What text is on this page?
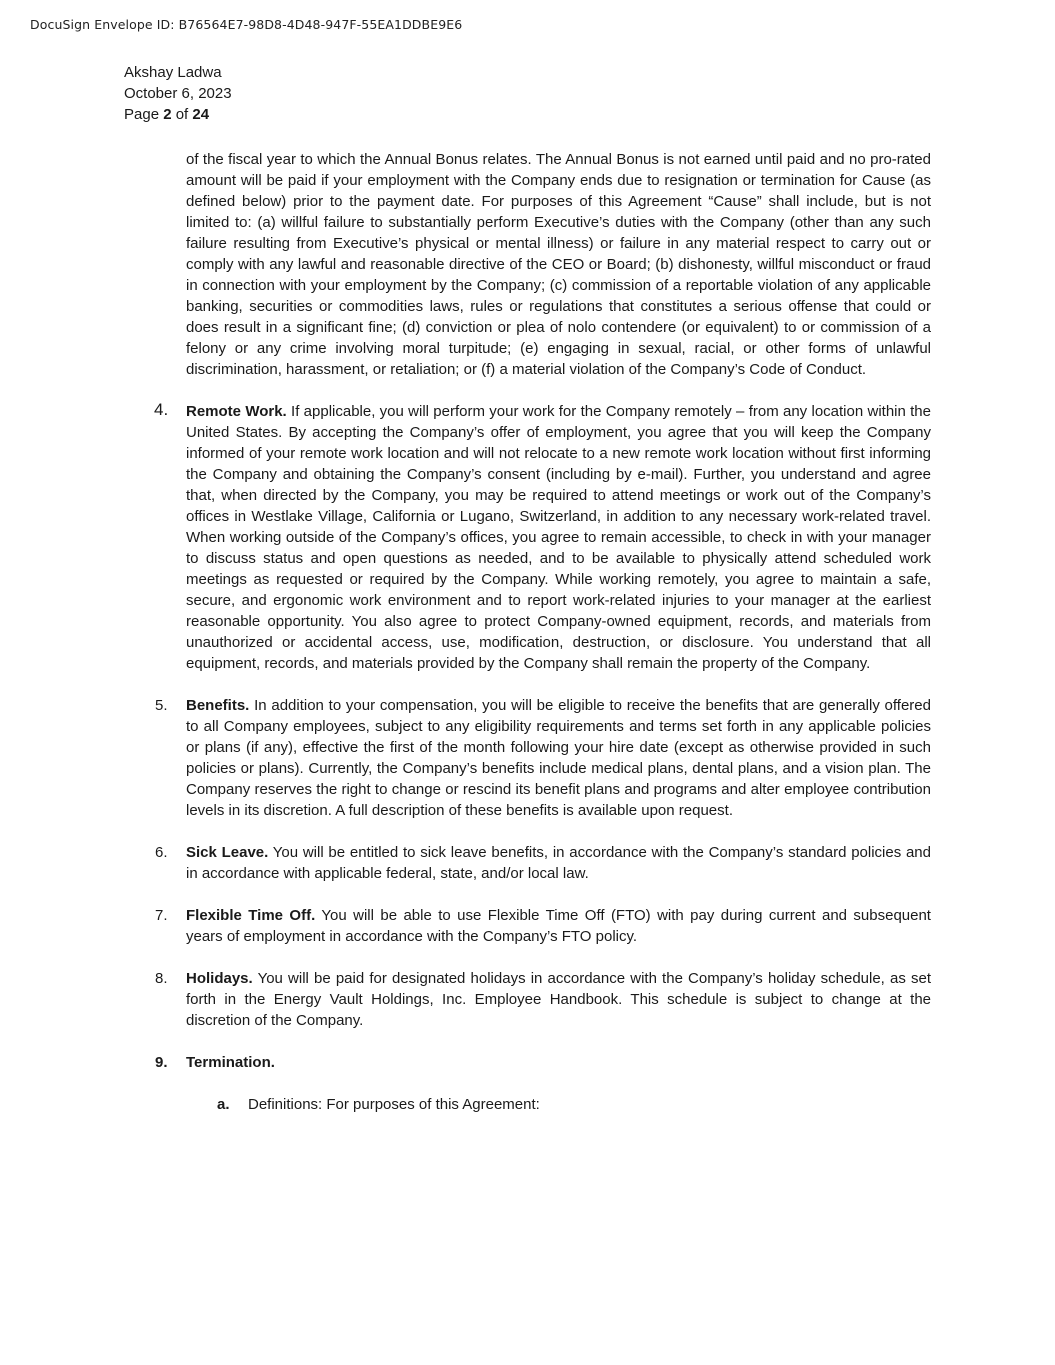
DocuSign Envelope ID: B76564E7-98D8-4D48-947F-55EA1DDBE9E6
Akshay Ladwa
October 6, 2023
Page 2 of 24

of the fiscal year to which the Annual Bonus relates. The Annual Bonus is not earned until paid and no pro-rated amount will be paid if your employment with the Company ends due to resignation or termination for Cause (as defined below) prior to the payment date. For purposes of this Agreement “Cause” shall include, but is not limited to: (a) willful failure to substantially perform Executive’s duties with the Company (other than any such failure resulting from Executive’s physical or mental illness) or failure in any material respect to carry out or comply with any lawful and reasonable directive of the CEO or Board; (b) dishonesty, willful misconduct or fraud in connection with your employment by the Company; (c) commission of a reportable violation of any applicable banking, securities or commodities laws, rules or regulations that constitutes a serious offense that could or does result in a significant fine; (d) conviction or plea of nolo contendere (or equivalent) to or commission of a felony or any crime involving moral turpitude; (e) engaging in sexual, racial, or other forms of unlawful discrimination, harassment, or retaliation; or (f) a material violation of the Company’s Code of Conduct.

4. Remote Work. If applicable, you will perform your work for the Company remotely – from any location within the United States. By accepting the Company’s offer of employment, you agree that you will keep the Company informed of your remote work location and will not relocate to a new remote work location without first informing the Company and obtaining the Company’s consent (including by e-mail). Further, you understand and agree that, when directed by the Company, you may be required to attend meetings or work out of the Company’s offices in Westlake Village, California or Lugano, Switzerland, in addition to any necessary work-related travel. When working outside of the Company’s offices, you agree to remain accessible, to check in with your manager to discuss status and open questions as needed, and to be available to physically attend scheduled work meetings as requested or required by the Company. While working remotely, you agree to maintain a safe, secure, and ergonomic work environment and to report work-related injuries to your manager at the earliest reasonable opportunity. You also agree to protect Company-owned equipment, records, and materials from unauthorized or accidental access, use, modification, destruction, or disclosure. You understand that all equipment, records, and materials provided by the Company shall remain the property of the Company.

5. Benefits. In addition to your compensation, you will be eligible to receive the benefits that are generally offered to all Company employees, subject to any eligibility requirements and terms set forth in any applicable policies or plans (if any), effective the first of the month following your hire date (except as otherwise provided in such policies or plans). Currently, the Company’s benefits include medical plans, dental plans, and a vision plan. The Company reserves the right to change or rescind its benefit plans and programs and alter employee contribution levels in its discretion. A full description of these benefits is available upon request.

6. Sick Leave. You will be entitled to sick leave benefits, in accordance with the Company’s standard policies and in accordance with applicable federal, state, and/or local law.

7. Flexible Time Off. You will be able to use Flexible Time Off (FTO) with pay during current and subsequent years of employment in accordance with the Company’s FTO policy.

8. Holidays. You will be paid for designated holidays in accordance with the Company’s holiday schedule, as set forth in the Energy Vault Holdings, Inc. Employee Handbook. This schedule is subject to change at the discretion of the Company.

9. Termination.

a. Definitions: For purposes of this Agreement:
